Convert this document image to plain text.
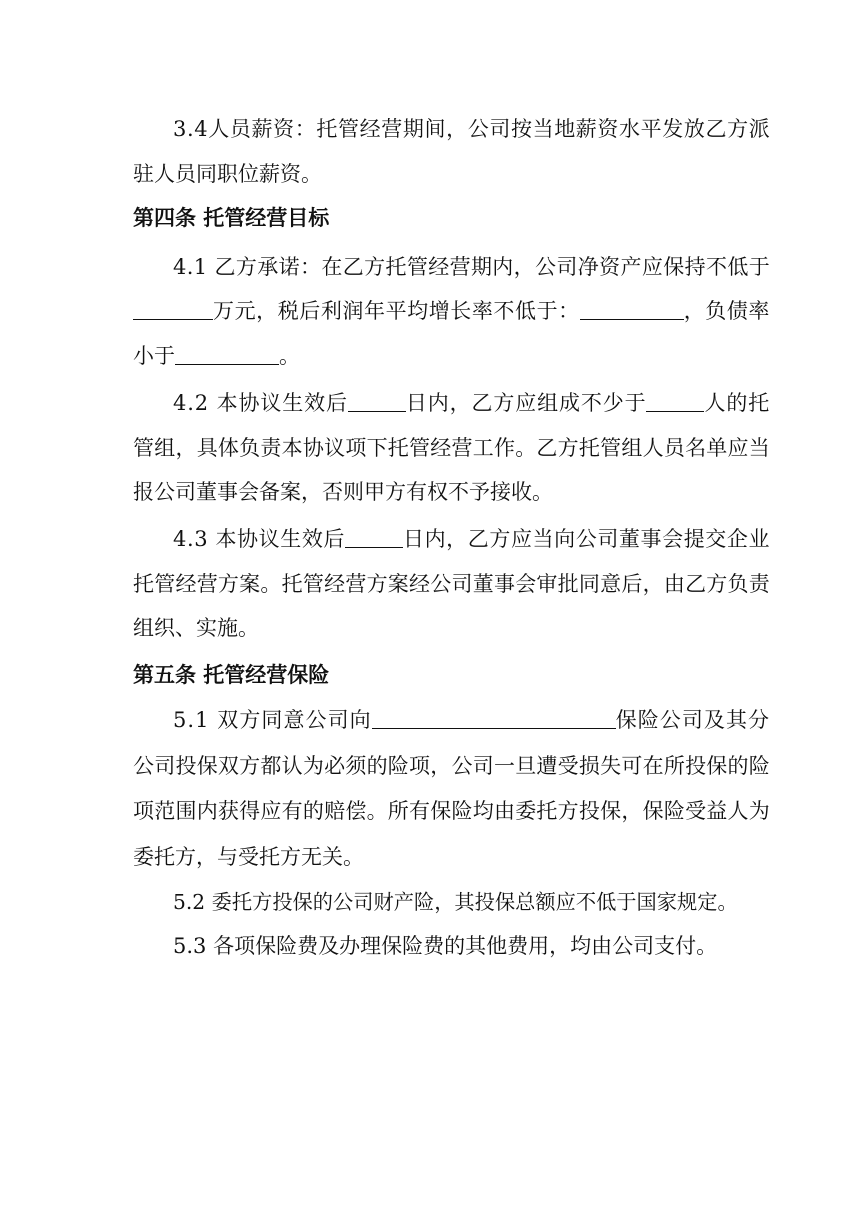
3.4人员薪资：托管经营期间，公司按当地薪资水平发放乙方派
驻人员同职位薪资。
第四条 托管经营目标
4.1 乙方承诺：在乙方托管经营期内，公司净资产应保持不低于
万元，税后利润年平均增长率不低于：	，负债率
小于	。
4.2 本协议生效后	日内，乙方应组成不少于	人的托
管组，具体负责本协议项下托管经营工作。乙方托管组人员名单应当
报公司董事会备案，否则甲方有权不予接收。
4.3 本协议生效后	日内，乙方应当向公司董事会提交企业
托管经营方案。托管经营方案经公司董事会审批同意后，由乙方负责
组织、实施。
第五条 托管经营保险
5.1 双方同意公司向	保险公司及其分
公司投保双方都认为必须的险项，公司一旦遭受损失可在所投保的险
项范围内获得应有的赔偿。所有保险均由委托方投保，保险受益人为
委托方，与受托方无关。
5.2 委托方投保的公司财产险，其投保总额应不低于国家规定。
5.3 各项保险费及办理保险费的其他费用，均由公司支付。
